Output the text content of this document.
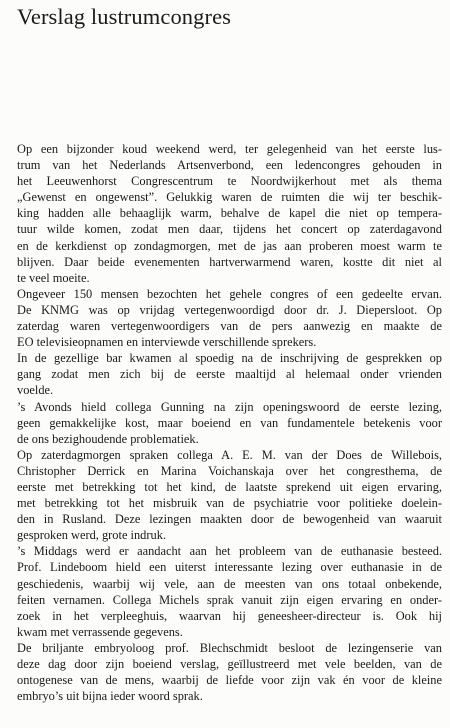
Verslag lustrumcongres
Op een bijzonder koud weekend werd, ter gelegenheid van het eerste lus-
trum van het Nederlands Artsenverbond, een ledencongres gehouden in
het Leeuwenhorst Congrescentrum te Noordwijkerhout met als thema
„Gewenst en ongewenst”. Gelukkig waren de ruimten die wij ter beschik-
king hadden alle behaaglijk warm, behalve de kapel die niet op tempera-
tuur wilde komen, zodat men daar, tijdens het concert op zaterdagavond
en de kerkdienst op zondagmorgen, met de jas aan proberen moest warm te
blijven. Daar beide evenementen hartverwarmend waren, kostte dit niet al
te veel moeite.
Ongeveer 150 mensen bezochten het gehele congres of een gedeelte ervan.
De KNMG was op vrijdag vertegenwoordigd door dr. J. Diepersloot. Op
zaterdag waren vertegenwoordigers van de pers aanwezig en maakte de
EO televisieopnamen en interviewde verschillende sprekers.
In de gezellige bar kwamen al spoedig na de inschrijving de gesprekken op
gang zodat men zich bij de eerste maaltijd al helemaal onder vrienden
voelde.
’s Avonds hield collega Gunning na zijn openingswoord de eerste lezing,
geen gemakkelijke kost, maar boeiend en van fundamentele betekenis voor
de ons bezighoudende problematiek.
Op zaterdagmorgen spraken collega A. E. M. van der Does de Willebois,
Christopher Derrick en Marina Voichanskaja over het congresthema, de
eerste met betrekking tot het kind, de laatste sprekend uit eigen ervaring,
met betrekking tot het misbruik van de psychiatrie voor politieke doelein-
den in Rusland. Deze lezingen maakten door de bewogenheid van waaruit
gesproken werd, grote indruk.
’s Middags werd er aandacht aan het probleem van de euthanasie besteed.
Prof. Lindeboom hield een uiterst interessante lezing over euthanasie in de
geschiedenis, waarbij wij vele, aan de meesten van ons totaal onbekende,
feiten vernamen. Collega Michels sprak vanuit zijn eigen ervaring en onder-
zoek in het verpleeghuis, waarvan hij geneesheer-directeur is. Ook hij
kwam met verrassende gegevens.
De briljante embryoloog prof. Blechschmidt besloot de lezingenserie van
deze dag door zijn boeiend verslag, geïllustreerd met vele beelden, van de
ontogenese van de mens, waarbij de liefde voor zijn vak én voor de kleine
embryo’s uit bijna ieder woord sprak.
